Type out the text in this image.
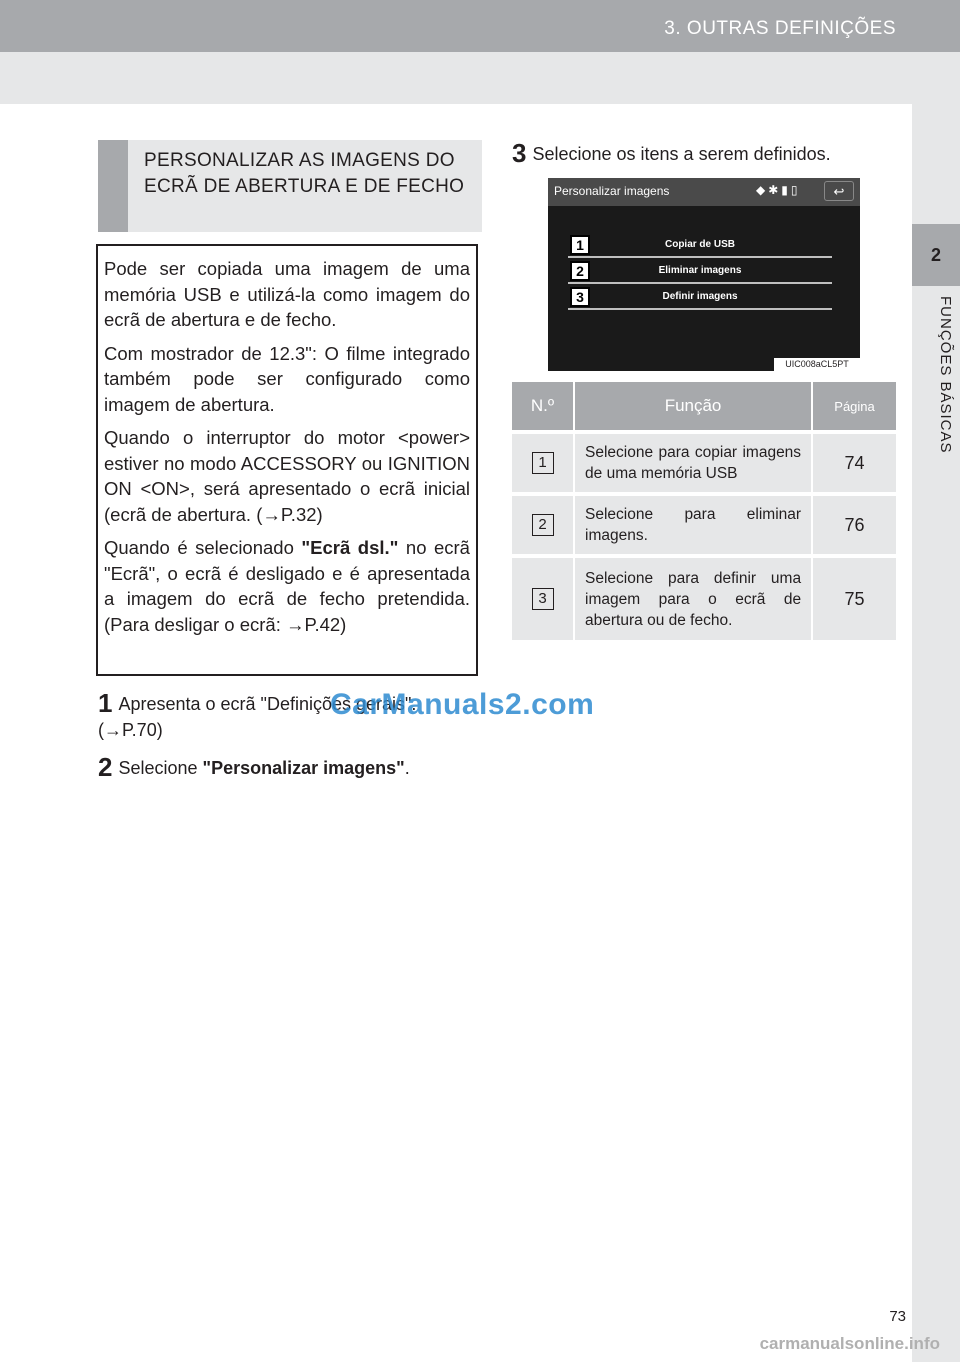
3. OUTRAS DEFINIÇÕES
2
FUNÇÕES BÁSICAS
PERSONALIZAR AS IMAGENS DO ECRÃ DE ABERTURA E DE FECHO

Pode ser copiada uma imagem de uma memória USB e utilizá-la como imagem do ecrã de abertura e de fecho.

Com mostrador de 12.3": O filme integrado também pode ser configurado como imagem de abertura.

Quando o interruptor do motor <power> estiver no modo ACCESSORY ou IGNITION ON <ON>, será apresentado o ecrã inicial (ecrã de abertura. (→P.32)

Quando é selecionado "Ecrã dsl." no ecrã "Ecrã", o ecrã é desligado e é apresentada a imagem do ecrã de fecho pretendida. (Para desligar o ecrã: →P.42)

1 Apresenta o ecrã "Definições gerais". (→P.70)
2 Selecione "Personalizar imagens".
3 Selecione os itens a serem definidos.
Personalizar imagens	◆✱▮▯	↩
Copiar de USB
Eliminar imagens
Definir imagens
1
2
3
UIC008aCL5PT
N.º	Função	Página
1	Selecione para copiar imagens de uma memória USB	74
2	Selecione para eliminar imagens.	76
3	Selecione para definir uma imagem para o ecrã de abertura ou de fecho.	75
CarManuals2.com
73
carmanualsonline.info
